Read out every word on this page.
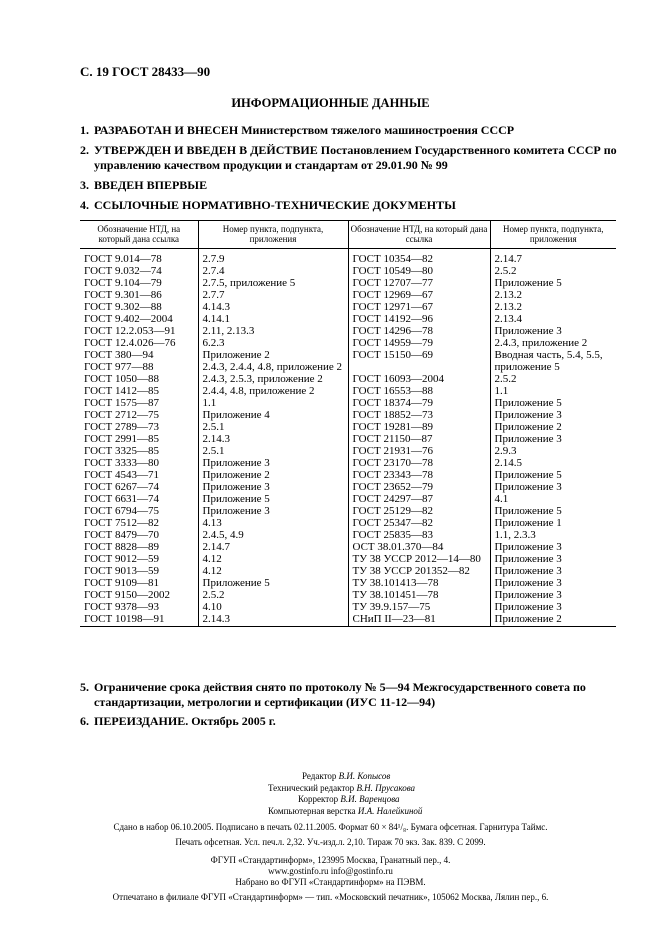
С. 19 ГОСТ 28433—90
ИНФОРМАЦИОННЫЕ ДАННЫЕ
1. РАЗРАБОТАН И ВНЕСЕН Министерством тяжелого машиностроения СССР
2. УТВЕРЖДЕН И ВВЕДЕН В ДЕЙСТВИЕ Постановлением Государственного комитета СССР по управлению качеством продукции и стандартам от 29.01.90 № 99
3. ВВЕДЕН ВПЕРВЫЕ
4. ССЫЛОЧНЫЕ НОРМАТИВНО-ТЕХНИЧЕСКИЕ ДОКУМЕНТЫ
Обозначение НТД, на который дана ссылка	Номер пункта, подпункта, приложения	Обозначение НТД, на который дана ссылка	Номер пункта, подпункта, приложения
ГОСТ 9.014—78	2.7.9	ГОСТ 10354—82	2.14.7
ГОСТ 9.032—74	2.7.4	ГОСТ 10549—80	2.5.2
ГОСТ 9.104—79	2.7.5, приложение 5	ГОСТ 12707—77	Приложение 5
ГОСТ 9.301—86	2.7.7	ГОСТ 12969—67	2.13.2
ГОСТ 9.302—88	4.14.3	ГОСТ 12971—67	2.13.2
ГОСТ 9.402—2004	4.14.1	ГОСТ 14192—96	2.13.4
ГОСТ 12.2.053—91	2.11, 2.13.3	ГОСТ 14296—78	Приложение 3
ГОСТ 12.4.026—76	6.2.3	ГОСТ 14959—79	2.4.3, приложение 2
ГОСТ 380—94	Приложение 2	ГОСТ 15150—69	Вводная часть, 5.4, 5.5,
ГОСТ 977—88	2.4.3, 2.4.4, 4.8, приложение 2		приложение 5
ГОСТ 1050—88	2.4.3, 2.5.3, приложение 2	ГОСТ 16093—2004	2.5.2
ГОСТ 1412—85	2.4.4, 4.8, приложение 2	ГОСТ 16553—88	1.1
ГОСТ 1575—87	1.1	ГОСТ 18374—79	Приложение 5
ГОСТ 2712—75	Приложение 4	ГОСТ 18852—73	Приложение 3
ГОСТ 2789—73	2.5.1	ГОСТ 19281—89	Приложение 2
ГОСТ 2991—85	2.14.3	ГОСТ 21150—87	Приложение 3
ГОСТ 3325—85	2.5.1	ГОСТ 21931—76	2.9.3
ГОСТ 3333—80	Приложение 3	ГОСТ 23170—78	2.14.5
ГОСТ 4543—71	Приложение 2	ГОСТ 23343—78	Приложение 5
ГОСТ 6267—74	Приложение 3	ГОСТ 23652—79	Приложение 3
ГОСТ 6631—74	Приложение 5	ГОСТ 24297—87	4.1
ГОСТ 6794—75	Приложение 3	ГОСТ 25129—82	Приложение 5
ГОСТ 7512—82	4.13	ГОСТ 25347—82	Приложение 1
ГОСТ 8479—70	2.4.5, 4.9	ГОСТ 25835—83	1.1, 2.3.3
ГОСТ 8828—89	2.14.7	ОСТ 38.01.370—84	Приложение 3
ГОСТ 9012—59	4.12	ТУ 38 УССР 2012—14—80	Приложение 3
ГОСТ 9013—59	4.12	ТУ 38 УССР 201352—82	Приложение 3
ГОСТ 9109—81	Приложение 5	ТУ 38.101413—78	Приложение 3
ГОСТ 9150—2002	2.5.2	ТУ 38.101451—78	Приложение 3
ГОСТ 9378—93	4.10	ТУ 39.9.157—75	Приложение 3
ГОСТ 10198—91	2.14.3	СНиП II—23—81	Приложение 2
5. Ограничение срока действия снято по протоколу № 5—94 Межгосударственного совета по стандартизации, метрологии и сертификации (ИУС 11-12—94)
6. ПЕРЕИЗДАНИЕ. Октябрь 2005 г.
Редактор В.И. Копысов
Технический редактор В.Н. Прусакова
Корректор В.И. Варенцова
Компьютерная верстка И.А. Налейкиной
Сдано в набор 06.10.2005. Подписано в печать 02.11.2005. Формат 60 × 84¹/₈. Бумага офсетная. Гарнитура Таймс.
Печать офсетная. Усл. печ.л. 2,32. Уч.-изд.л. 2,10. Тираж 70 экз. Зак. 839. С 2099.
ФГУП «Стандартинформ», 123995 Москва, Гранатный пер., 4.
www.gostinfo.ru info@gostinfo.ru
Набрано во ФГУП «Стандартинформ» на ПЭВМ.
Отпечатано в филиале ФГУП «Стандартинформ» — тип. «Московский печатник», 105062 Москва, Лялин пер., 6.
